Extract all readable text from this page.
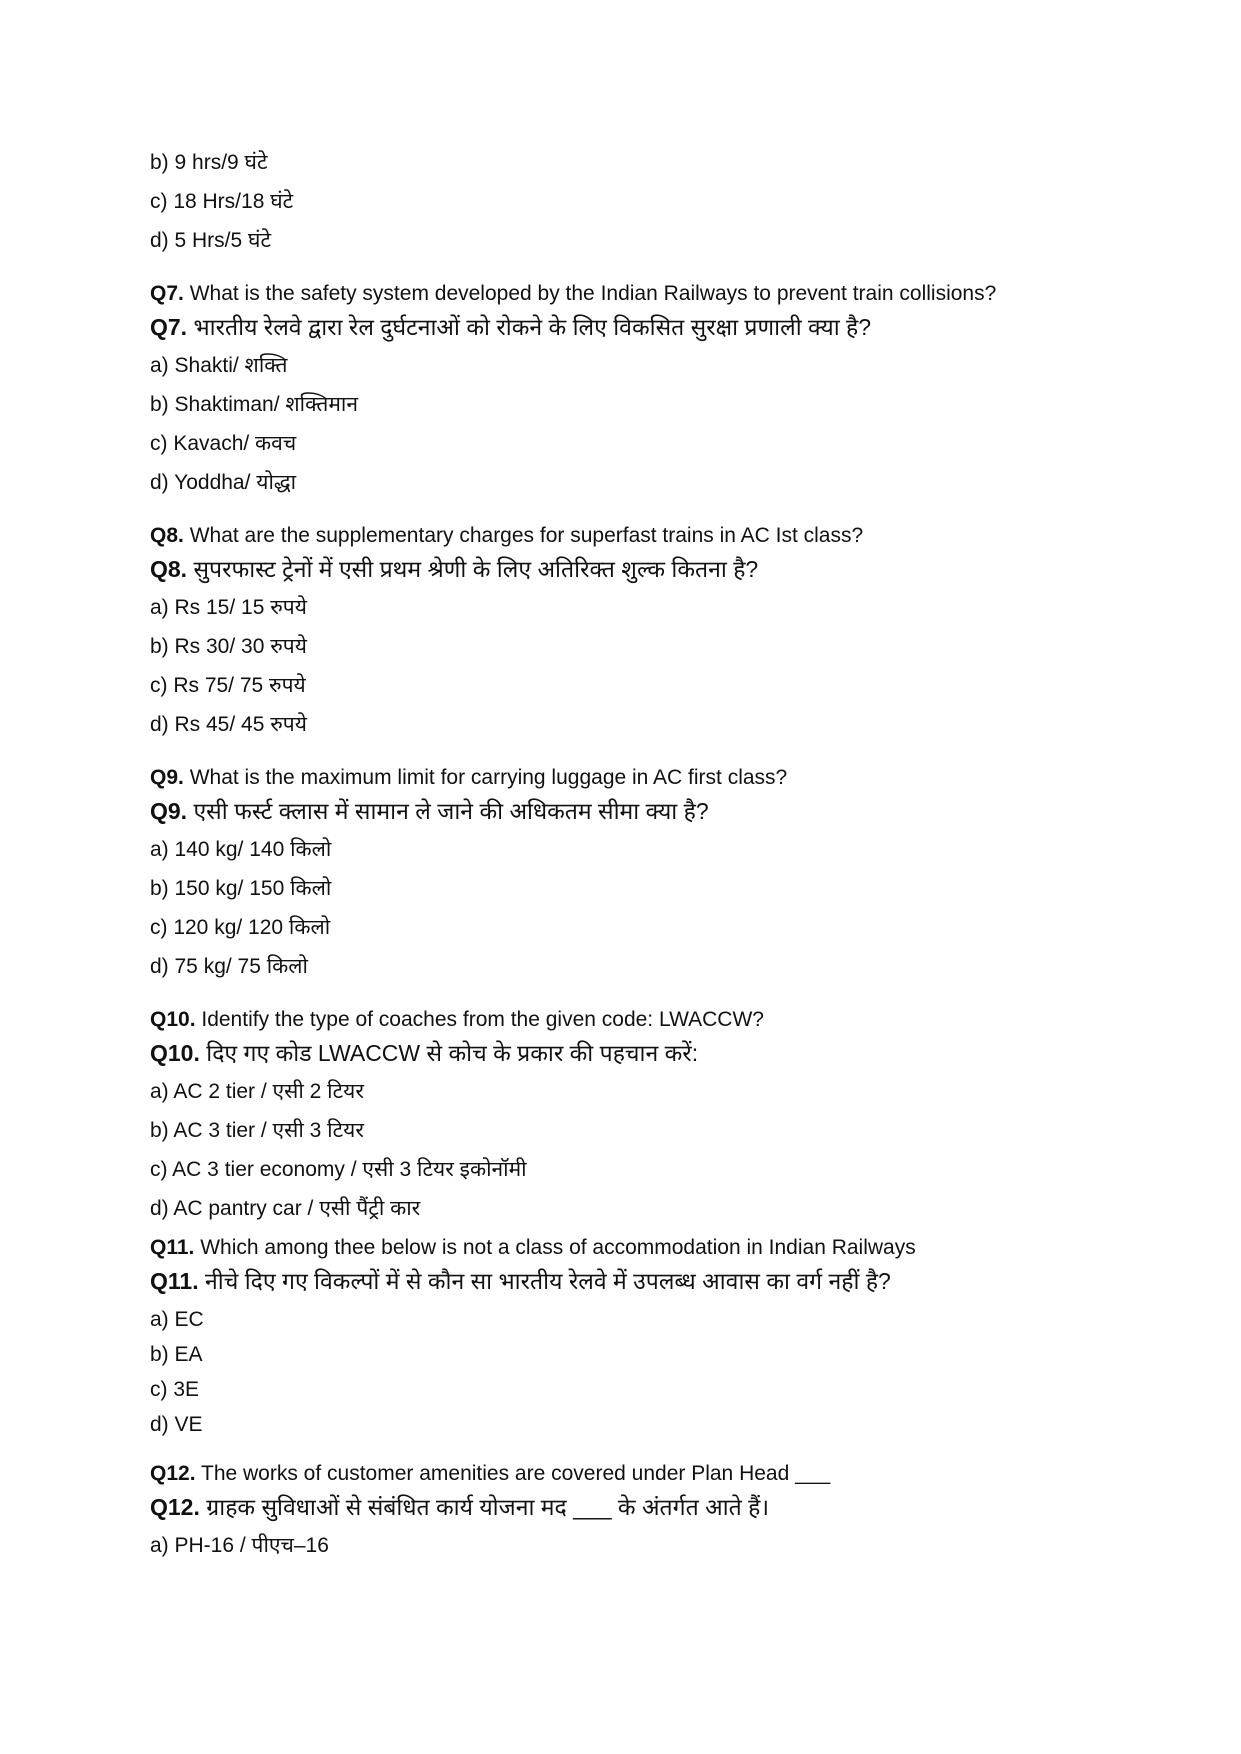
b) 9 hrs/9 घंटे
c) 18 Hrs/18 घंटे
d) 5 Hrs/5 घंटे
Q7. What is the safety system developed by the Indian Railways to prevent train collisions?
Q7. भारतीय रेलवे द्वारा रेल दुर्घटनाओं को रोकने के लिए विकसित सुरक्षा प्रणाली क्या है?
a) Shakti/ शक्ति
b) Shaktiman/ शक्तिमान
c) Kavach/ कवच
d) Yoddha/ योद्धा
Q8. What are the supplementary charges for superfast trains in AC Ist class?
Q8. सुपरफास्ट ट्रेनों में एसी प्रथम श्रेणी के लिए अतिरिक्त शुल्क कितना है?
a) Rs 15/ 15 रुपये
b) Rs 30/ 30 रुपये
c) Rs 75/ 75 रुपये
d) Rs 45/ 45 रुपये
Q9. What is the maximum limit for carrying luggage in AC first class?
Q9. एसी फर्स्ट क्लास में सामान ले जाने की अधिकतम सीमा क्या है?
a) 140 kg/ 140 किलो
b) 150 kg/ 150 किलो
c) 120 kg/ 120 किलो
d) 75 kg/ 75 किलो
Q10. Identify the type of coaches from the given code: LWACCW?
Q10. दिए गए कोड LWACCW से कोच के प्रकार की पहचान करें:
a) AC 2 tier / एसी 2 टियर
b) AC 3 tier / एसी 3 टियर
c) AC 3 tier economy / एसी 3 टियर इकोनॉमी
d) AC pantry car / एसी पैंट्री कार
Q11. Which among thee below is not a class of accommodation in Indian Railways
Q11. नीचे दिए गए विकल्पों में से कौन सा भारतीय रेलवे में उपलब्ध आवास का वर्ग नहीं है?
a) EC
b) EA
c) 3E
d) VE
Q12. The works of customer amenities are covered under Plan Head ___
Q12. ग्राहक सुविधाओं से संबंधित कार्य योजना मद ___ के अंतर्गत आते हैं।
a) PH-16 / पीएच–16
